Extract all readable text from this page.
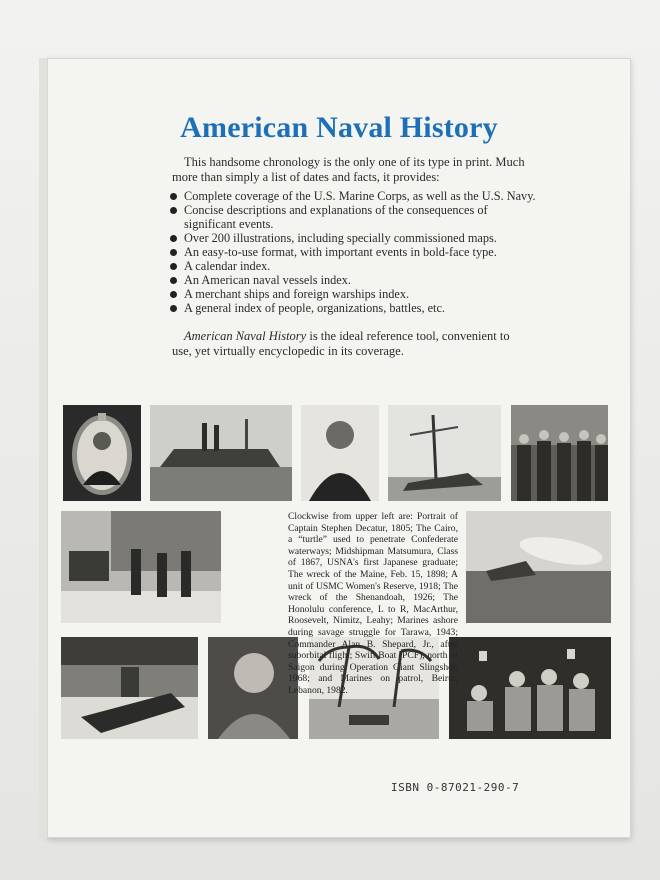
American Naval History

This handsome chronology is the only one of its type in print. Much more than simply a list of dates and facts, it provides:

Complete coverage of the U.S. Marine Corps, as well as the U.S. Navy.
Concise descriptions and explanations of the consequences of significant events.
Over 200 illustrations, including specially commissioned maps.
An easy-to-use format, with important events in bold-face type.
A calendar index.
An American naval vessels index.
A merchant ships and foreign warships index.
A general index of people, organizations, battles, etc.

American Naval History is the ideal reference tool, convenient to use, yet virtually encyclopedic in its coverage.

Clockwise from upper left are: Portrait of Captain Stephen Decatur, 1805; The Cairo, a “turtle” used to penetrate Confederate waterways; Midshipman Matsumura, Class of 1867, USNA's first Japanese graduate; The wreck of the Maine, Feb. 15, 1898; A unit of USMC Women's Reserve, 1918; The wreck of the Shenandoah, 1926; The Honolulu conference, L to R, MacArthur, Roosevelt, Nimitz, Leahy; Marines ashore during savage struggle for Tarawa, 1943; Commander Alan B. Shepard, Jr., after suborbital flight; Swift Boat (PCF), north of Saigon during Operation Giant Slingshot, 1968; and Marines on patrol, Beirut, Lebanon, 1982.
ISBN 0-87021-290-7
